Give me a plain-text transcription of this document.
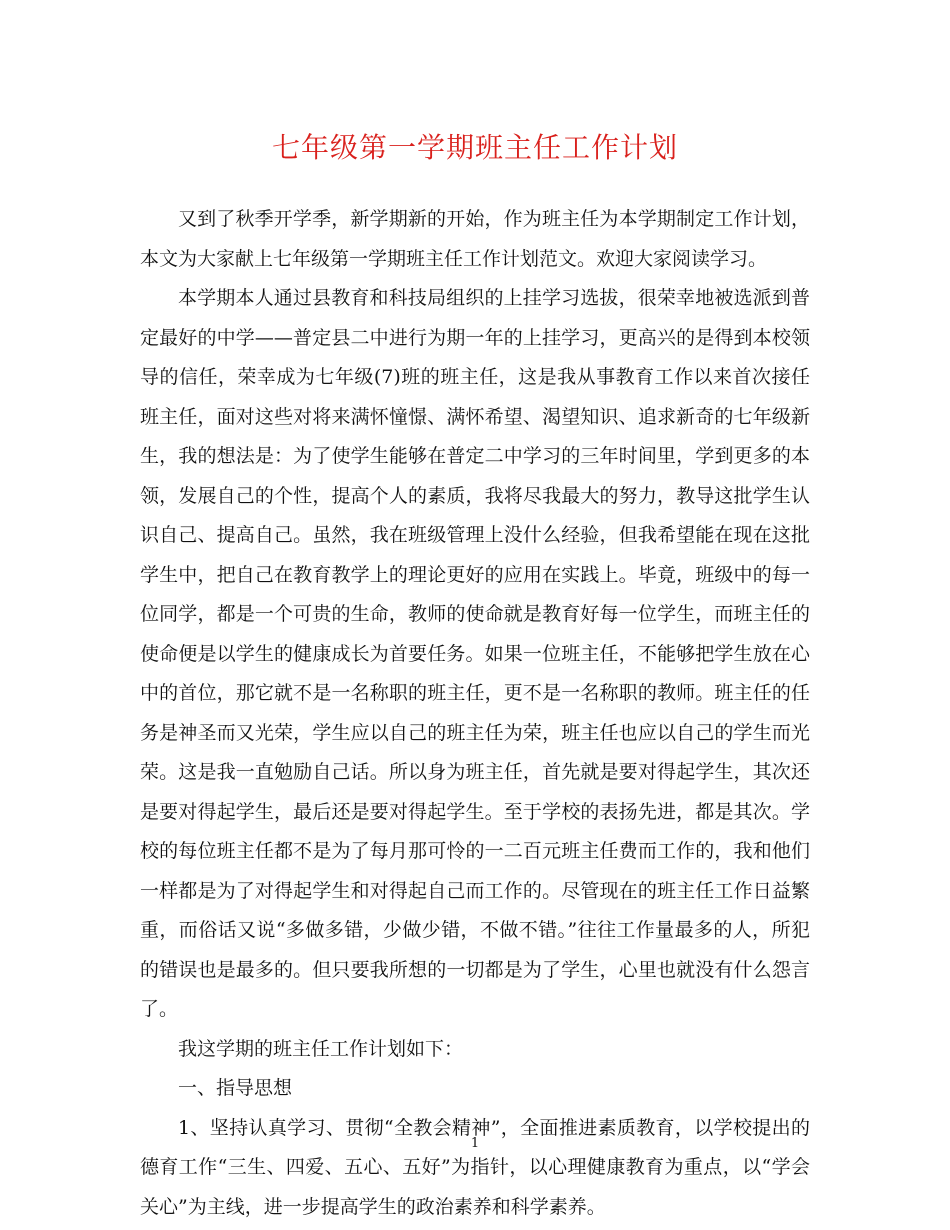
七年级第一学期班主任工作计划

又到了秋季开学季，新学期新的开始，作为班主任为本学期制定工作计划，本文为大家献上七年级第一学期班主任工作计划范文。欢迎大家阅读学习。

本学期本人通过县教育和科技局组织的上挂学习选拔，很荣幸地被选派到普定最好的中学——普定县二中进行为期一年的上挂学习，更高兴的是得到本校领导的信任，荣幸成为七年级(7)班的班主任，这是我从事教育工作以来首次接任班主任，面对这些对将来满怀憧憬、满怀希望、渴望知识、追求新奇的七年级新生，我的想法是：为了使学生能够在普定二中学习的三年时间里，学到更多的本领，发展自己的个性，提高个人的素质，我将尽我最大的努力，教导这批学生认识自己、提高自己。虽然，我在班级管理上没什么经验，但我希望能在现在这批学生中，把自己在教育教学上的理论更好的应用在实践上。毕竟，班级中的每一位同学，都是一个可贵的生命，教师的使命就是教育好每一位学生，而班主任的使命便是以学生的健康成长为首要任务。如果一位班主任，不能够把学生放在心中的首位，那它就不是一名称职的班主任，更不是一名称职的教师。班主任的任务是神圣而又光荣，学生应以自己的班主任为荣，班主任也应以自己的学生而光荣。这是我一直勉励自己话。所以身为班主任，首先就是要对得起学生，其次还是要对得起学生，最后还是要对得起学生。至于学校的表扬先进，都是其次。学校的每位班主任都不是为了每月那可怜的一二百元班主任费而工作的，我和他们一样都是为了对得起学生和对得起自己而工作的。尽管现在的班主任工作日益繁重，而俗话又说“多做多错，少做少错，不做不错。”往往工作量最多的人，所犯的错误也是最多的。但只要我所想的一切都是为了学生，心里也就没有什么怨言了。

我这学期的班主任工作计划如下：

一、指导思想

1、坚持认真学习、贯彻“全教会精神”，全面推进素质教育，以学校提出的德育工作“三生、四爱、五心、五好”为指针，以心理健康教育为重点，以“学会关心”为主线，进一步提高学生的政治素养和科学素养。

1
